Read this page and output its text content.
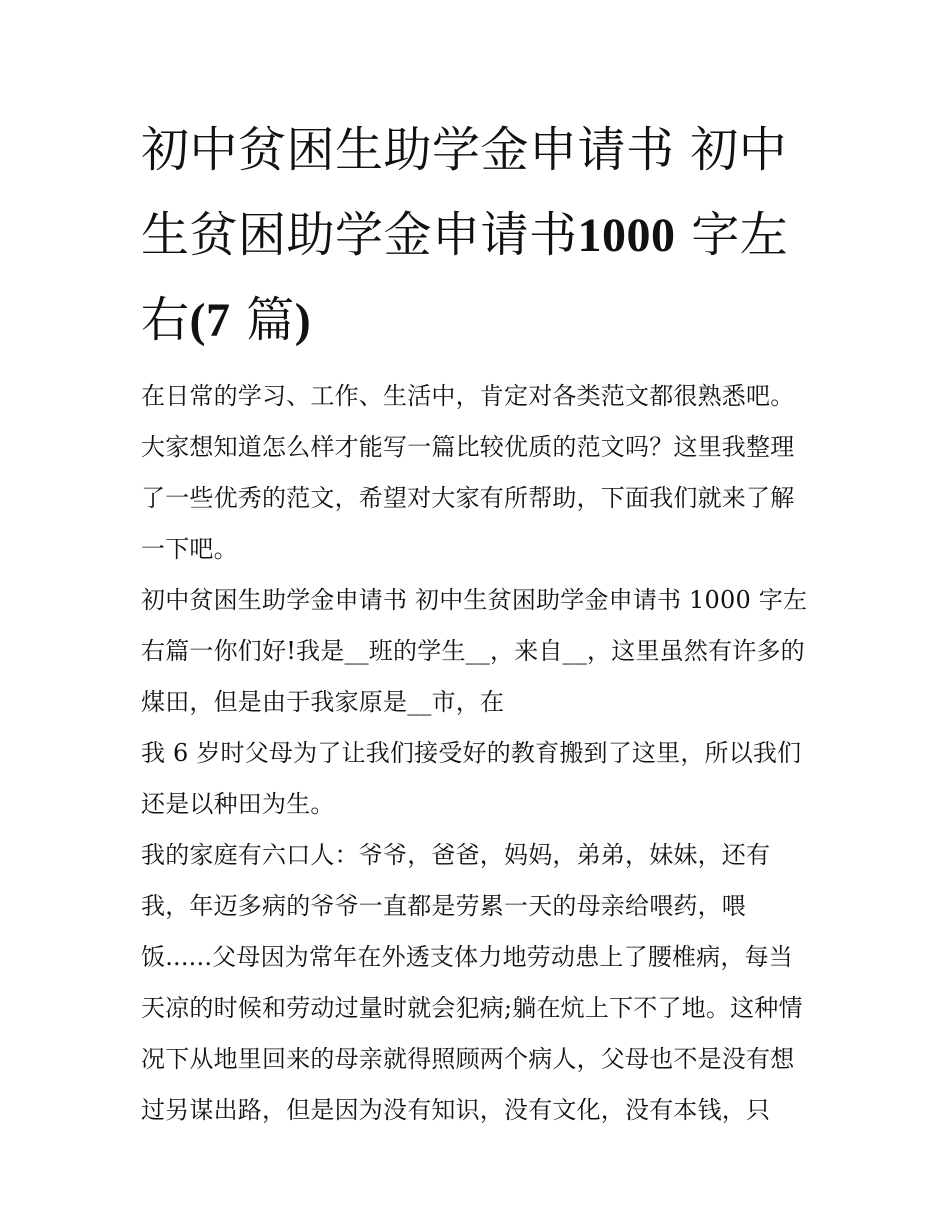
初中贫困生助学金申请书 初中生贫困助学金申请书1000 字左右(7 篇)

在日常的学习、工作、生活中，肯定对各类范文都很熟悉吧。大家想知道怎么样才能写一篇比较优质的范文吗？这里我整理了一些优秀的范文，希望对大家有所帮助，下面我们就来了解一下吧。

初中贫困生助学金申请书 初中生贫困助学金申请书 1000 字左右篇一你们好!我是__班的学生__，来自__，这里虽然有许多的煤田，但是由于我家原是__市，在

我 6 岁时父母为了让我们接受好的教育搬到了这里，所以我们还是以种田为生。

我的家庭有六口人：爷爷，爸爸，妈妈，弟弟，妹妹，还有我，年迈多病的爷爷一直都是劳累一天的母亲给喂药，喂饭......父母因为常年在外透支体力地劳动患上了腰椎病，每当天凉的时候和劳动过量时就会犯病;躺在炕上下不了地。这种情况下从地里回来的母亲就得照顾两个病人，父母也不是没有想过另谋出路，但是因为没有知识，没有文化，没有本钱，只
